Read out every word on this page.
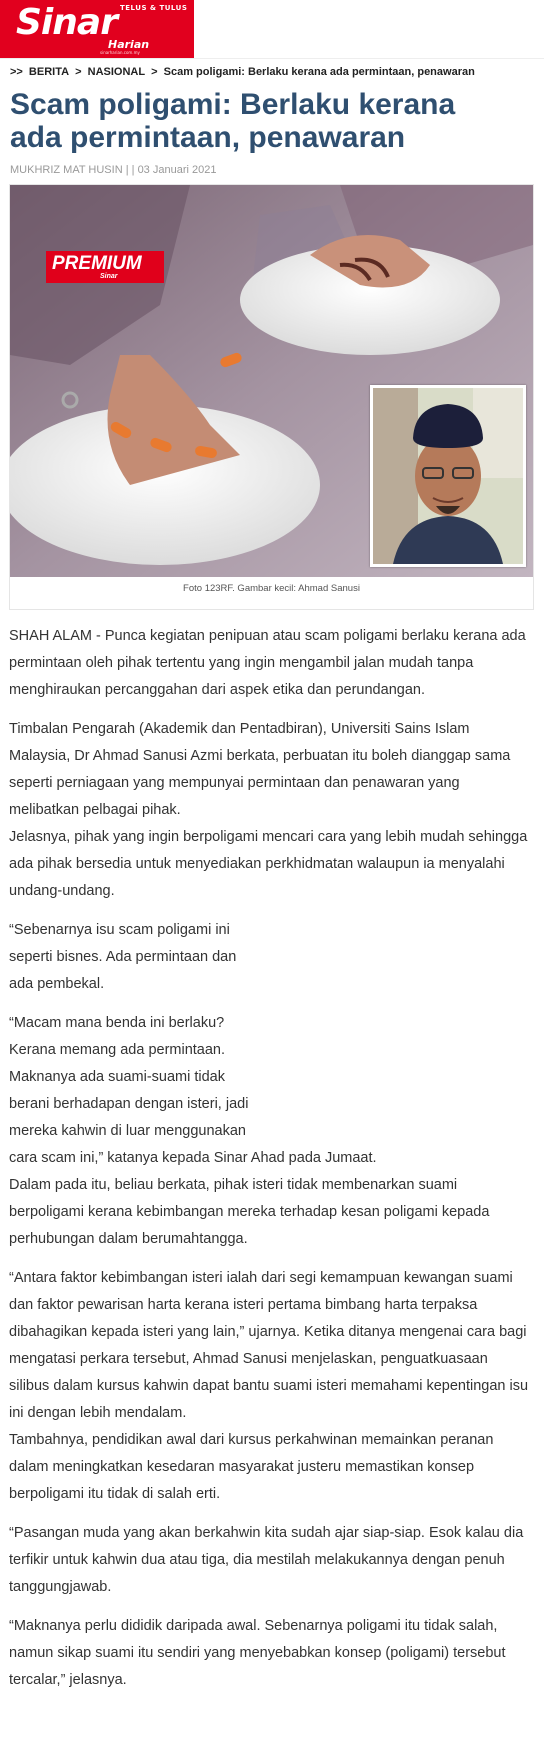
Sinar TELUS & TULUS
Harian
sinarharian.com.my
>> BERITA > NASIONAL > Scam poligami: Berlaku kerana ada permintaan, penawaran
Scam poligami: Berlaku kerana ada permintaan, penawaran
MUKHRIZ MAT HUSIN | | 03 Januari 2021
PREMIUM
Sinar
Foto 123RF. Gambar kecil: Ahmad Sanusi

SHAH ALAM - Punca kegiatan penipuan atau scam poligami berlaku kerana ada permintaan oleh pihak tertentu yang ingin mengambil jalan mudah tanpa menghiraukan percanggahan dari aspek etika dan perundangan.

Timbalan Pengarah (Akademik dan Pentadbiran), Universiti Sains Islam Malaysia, Dr Ahmad Sanusi Azmi berkata, perbuatan itu boleh dianggap sama seperti perniagaan yang mempunyai permintaan dan penawaran yang melibatkan pelbagai pihak.

Jelasnya, pihak yang ingin berpoligami mencari cara yang lebih mudah sehingga ada pihak bersedia untuk menyediakan perkhidmatan walaupun ia menyalahi undang-undang.

“Sebenarnya isu scam poligami ini
seperti bisnes. Ada permintaan dan
ada pembekal.

“Macam mana benda ini berlaku?
Kerana memang ada permintaan.
Maknanya ada suami-suami tidak
berani berhadapan dengan isteri, jadi
mereka kahwin di luar menggunakan
cara scam ini,” katanya kepada Sinar Ahad pada Jumaat.

Dalam pada itu, beliau berkata, pihak isteri tidak membenarkan suami berpoligami kerana kebimbangan mereka terhadap kesan poligami kepada perhubungan dalam berumahtangga.

“Antara faktor kebimbangan isteri ialah dari segi kemampuan kewangan suami dan faktor pewarisan harta kerana isteri pertama bimbang harta terpaksa dibahagikan kepada isteri yang lain,” ujarnya. Ketika ditanya mengenai cara bagi mengatasi perkara tersebut, Ahmad Sanusi menjelaskan, penguatkuasaan silibus dalam kursus kahwin dapat bantu suami isteri memahami kepentingan isu ini dengan lebih mendalam.

Tambahnya, pendidikan awal dari kursus perkahwinan memainkan peranan dalam meningkatkan kesedaran masyarakat justeru memastikan konsep berpoligami itu tidak di salah erti.

“Pasangan muda yang akan berkahwin kita sudah ajar siap-siap. Esok kalau dia terfikir untuk kahwin dua atau tiga, dia mestilah melakukannya dengan penuh tanggungjawab.

“Maknanya perlu dididik daripada awal. Sebenarnya poligami itu tidak salah, namun sikap suami itu sendiri yang menyebabkan konsep (poligami) tersebut tercalar,” jelasnya.
